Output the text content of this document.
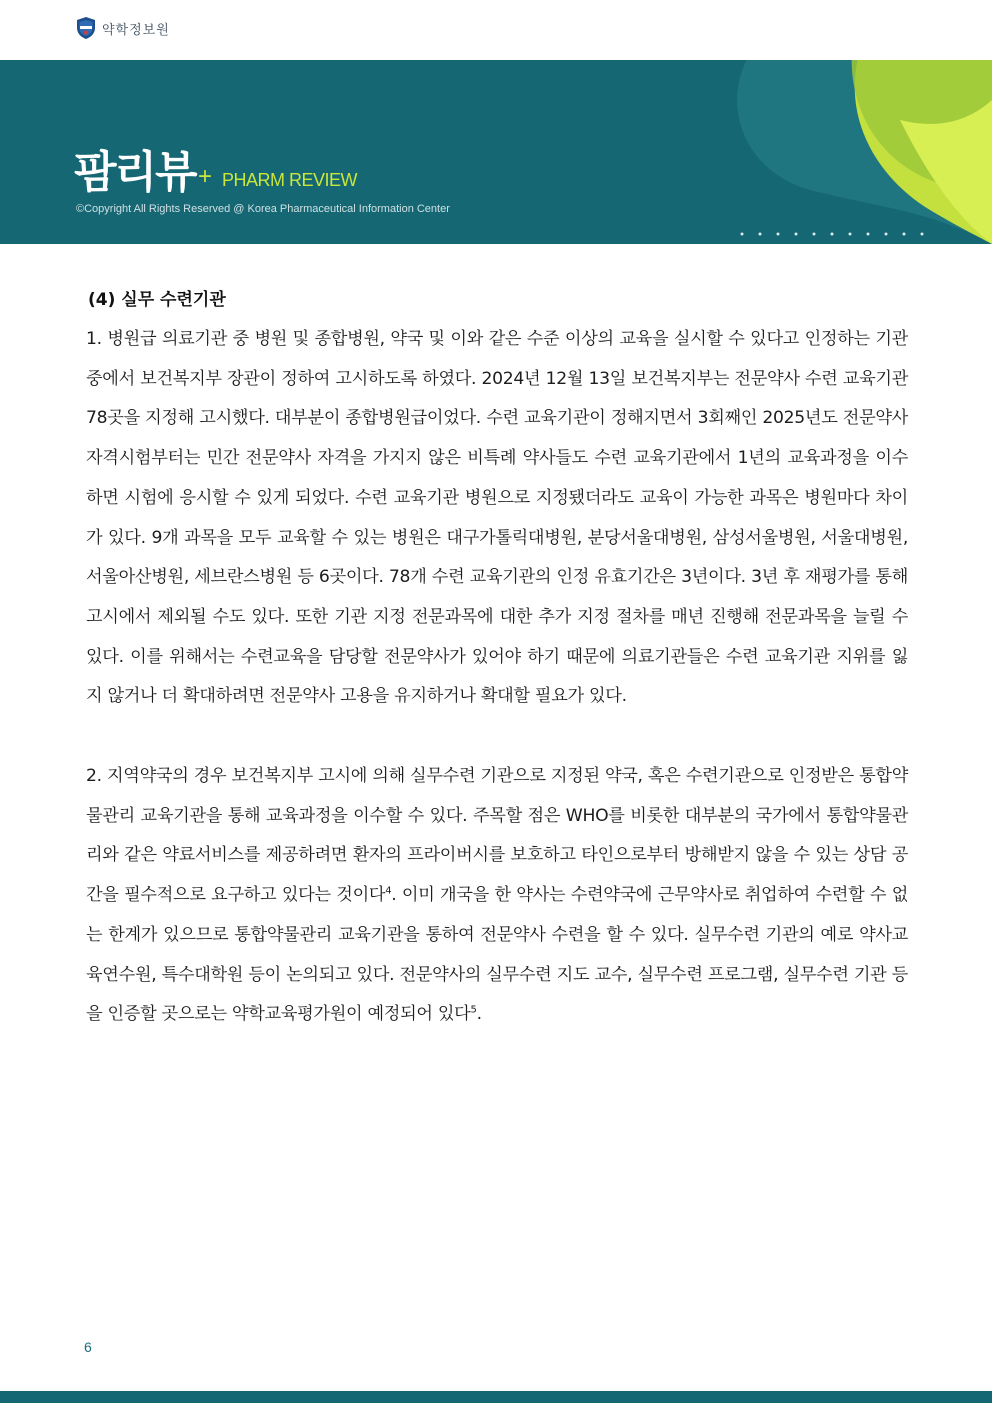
약학정보원
팜리뷰 + PHARM REVIEW
©Copyright All Rights Reserved @ Korea Pharmaceutical Information Center
(4) 실무 수련기관

1. 병원급 의료기관 중 병원 및 종합병원, 약국 및 이와 같은 수준 이상의 교육을 실시할 수 있다고 인정하는 기관 중에서 보건복지부 장관이 정하여 고시하도록 하였다. 2024년 12월 13일 보건복지부는 전문약사 수련 교육기관 78곳을 지정해 고시했다. 대부분이 종합병원급이었다. 수련 교육기관이 정해지면서 3회째인 2025년도 전문약사 자격시험부터는 민간 전문약사 자격을 가지지 않은 비특례 약사들도 수련 교육기관에서 1년의 교육과정을 이수하면 시험에 응시할 수 있게 되었다. 수련 교육기관 병원으로 지정됐더라도 교육이 가능한 과목은 병원마다 차이가 있다. 9개 과목을 모두 교육할 수 있는 병원은 대구가톨릭대병원, 분당서울대병원, 삼성서울병원, 서울대병원, 서울아산병원, 세브란스병원 등 6곳이다. 78개 수련 교육기관의 인정 유효기간은 3년이다. 3년 후 재평가를 통해 고시에서 제외될 수도 있다. 또한 기관 지정 전문과목에 대한 추가 지정 절차를 매년 진행해 전문과목을 늘릴 수 있다. 이를 위해서는 수련교육을 담당할 전문약사가 있어야 하기 때문에 의료기관들은 수련 교육기관 지위를 잃지 않거나 더 확대하려면 전문약사 고용을 유지하거나 확대할 필요가 있다.

2. 지역약국의 경우 보건복지부 고시에 의해 실무수련 기관으로 지정된 약국, 혹은 수련기관으로 인정받은 통합약물관리 교육기관을 통해 교육과정을 이수할 수 있다. 주목할 점은 WHO를 비롯한 대부분의 국가에서 통합약물관리와 같은 약료서비스를 제공하려면 환자의 프라이버시를 보호하고 타인으로부터 방해받지 않을 수 있는 상담 공간을 필수적으로 요구하고 있다는 것이다$^4$. 이미 개국을 한 약사는 수련약국에 근무약사로 취업하여 수련할 수 없는 한계가 있으므로 통합약물관리 교육기관을 통하여 전문약사 수련을 할 수 있다. 실무수련 기관의 예로 약사교육연수원, 특수대학원 등이 논의되고 있다. 전문약사의 실무수련 지도 교수, 실무수련 프로그램, 실무수련 기관 등을 인증할 곳으로는 약학교육평가원이 예정되어 있다$^5$.

6
